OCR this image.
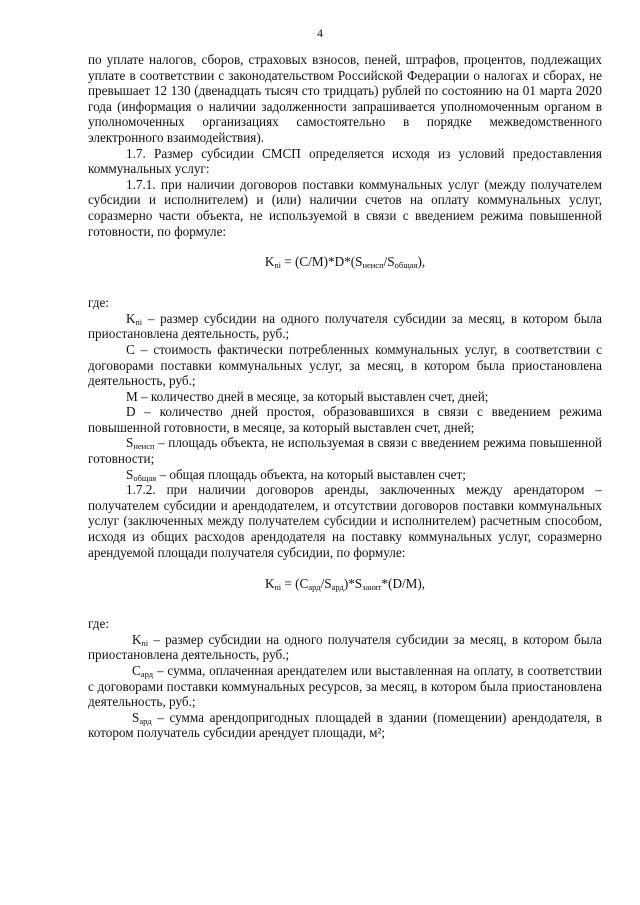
4

по уплате налогов, сборов, страховых взносов, пеней, штрафов, процентов, подлежащих уплате в соответствии с законодательством Российской Федерации о налогах и сборах, не превышает 12 130 (двенадцать тысяч сто тридцать) рублей по состоянию на 01 марта 2020 года (информация о наличии задолженности запрашивается уполномоченным органом в уполномоченных организациях самостоятельно в порядке межведомственного электронного взаимодействия).

1.7. Размер субсидии СМСП определяется исходя из условий предоставления коммунальных услуг:

1.7.1. при наличии договоров поставки коммунальных услуг (между получателем субсидии и исполнителем) и (или) наличии счетов на оплату коммунальных услуг, соразмерно части объекта, не используемой в связи с введением режима повышенной готовности, по формуле:

$K_{ni} = (C/M)*D*(S_{неисп}/S_{общая})$,

где:

$K_{ni}$ – размер субсидии на одного получателя субсидии за месяц, в котором была приостановлена деятельность, руб.;

C – стоимость фактически потребленных коммунальных услуг, в соответствии с договорами поставки коммунальных услуг, за месяц, в котором была приостановлена деятельность, руб.;

M – количество дней в месяце, за который выставлен счет, дней;

D – количество дней простоя, образовавшихся в связи с введением режима повышенной готовности, в месяце, за который выставлен счет, дней;

$S_{неисп}$ – площадь объекта, не используемая в связи с введением режима повышенной готовности;

$S_{общая}$ – общая площадь объекта, на который выставлен счет;

1.7.2. при наличии договоров аренды, заключенных между арендатором – получателем субсидии и арендодателем, и отсутствии договоров поставки коммунальных услуг (заключенных между получателем субсидии и исполнителем) расчетным способом, исходя из общих расходов арендодателя на поставку коммунальных услуг, соразмерно арендуемой площади получателя субсидии, по формуле:

$K_{ni} = (C_{ард}/S_{ард})*S_{занят}*(D/M)$,

где:

$K_{ni}$ – размер субсидии на одного получателя субсидии за месяц, в котором была приостановлена деятельность, руб.;

$C_{ард}$ – сумма, оплаченная арендателем или выставленная на оплату, в соответствии с договорами поставки коммунальных ресурсов, за месяц, в котором была приостановлена деятельность, руб.;

$S_{ард}$ – сумма арендопригодных площадей в здании (помещении) арендодателя, в котором получатель субсидии арендует площади, м²;
